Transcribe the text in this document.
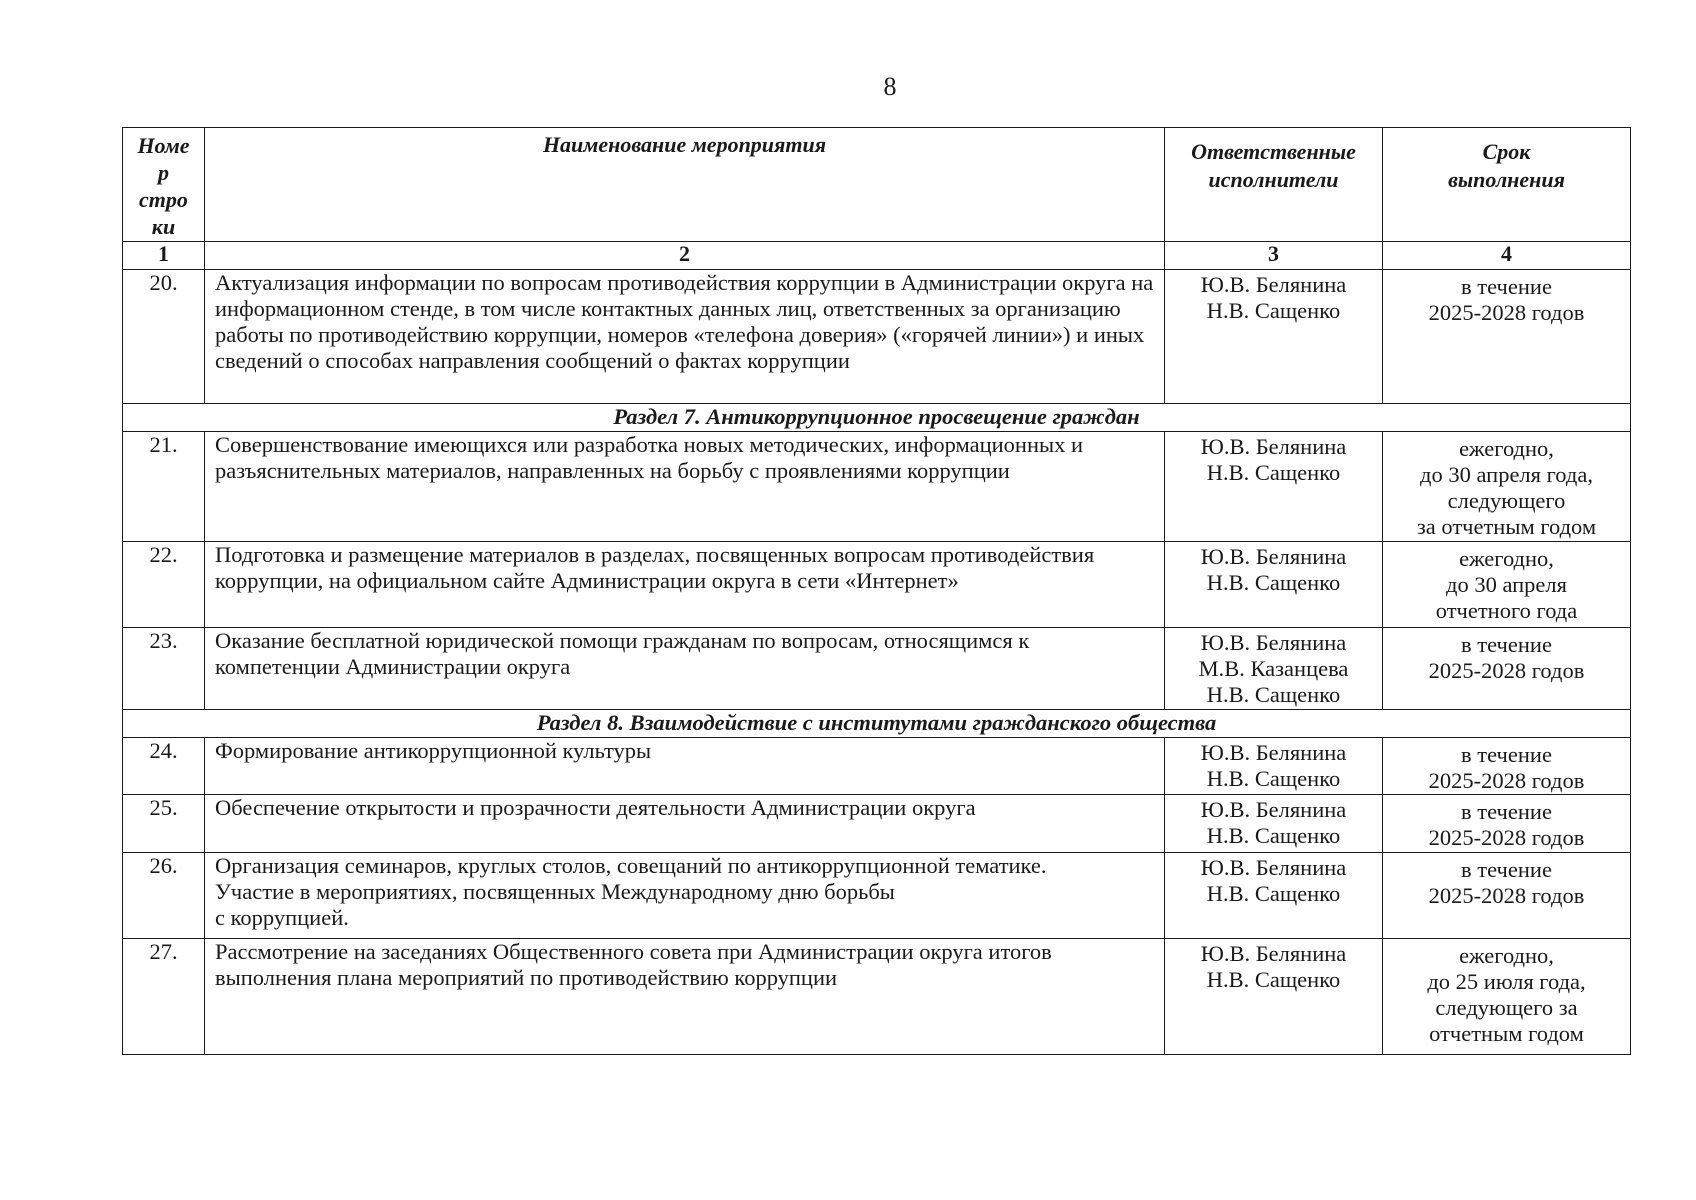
8
Номе
р
стро
ки	Наименование мероприятия	Ответственные
исполнители	Срок
выполнения

1	2	3	4
20.	Актуализация информации по вопросам противодействия коррупции в Администрации округа на информационном стенде, в том числе контактных данных лиц, ответственных за организацию работы по противодействию коррупции, номеров «телефона доверия» («горячей линии») и иных сведений о способах направления сообщений о фактах коррупции	Ю.В. Белянина
Н.В. Сащенко	в течение
2025-2028 годов

Раздел 7. Антикоррупционное просвещение граждан			
21.	Совершенствование имеющихся или разработка новых методических, информационных и разъяснительных материалов, направленных на борьбу с проявлениями коррупции	Ю.В. Белянина
Н.В. Сащенко	ежегодно,
до 30 апреля года,
следующего
за отчетным годом

22.	Подготовка и размещение материалов в разделах, посвященных вопросам противодействия коррупции, на официальном сайте Администрации округа в сети «Интернет»	Ю.В. Белянина
Н.В. Сащенко	ежегодно,
до 30 апреля
отчетного года

23.	Оказание бесплатной юридической помощи гражданам по вопросам, относящимся к компетенции Администрации округа	Ю.В. Белянина
М.В. Казанцева
Н.В. Сащенко	в течение
2025-2028 годов

Раздел 8. Взаимодействие с институтами гражданского общества			
24.	Формирование антикоррупционной культуры	Ю.В. Белянина
Н.В. Сащенко	в течение
2025-2028 годов

25.	Обеспечение открытости и прозрачности деятельности Администрации округа	Ю.В. Белянина
Н.В. Сащенко	в течение
2025-2028 годов

26.	Организация семинаров, круглых столов, совещаний по антикоррупционной тематике.
Участие в мероприятиях, посвященных Международному дню борьбы
с коррупцией.	Ю.В. Белянина
Н.В. Сащенко	в течение
2025-2028 годов

27.	Рассмотрение на заседаниях Общественного совета при Администрации округа итогов выполнения плана мероприятий по противодействию коррупции	Ю.В. Белянина
Н.В. Сащенко	ежегодно,
до 25 июля года,
следующего за
отчетным годом
